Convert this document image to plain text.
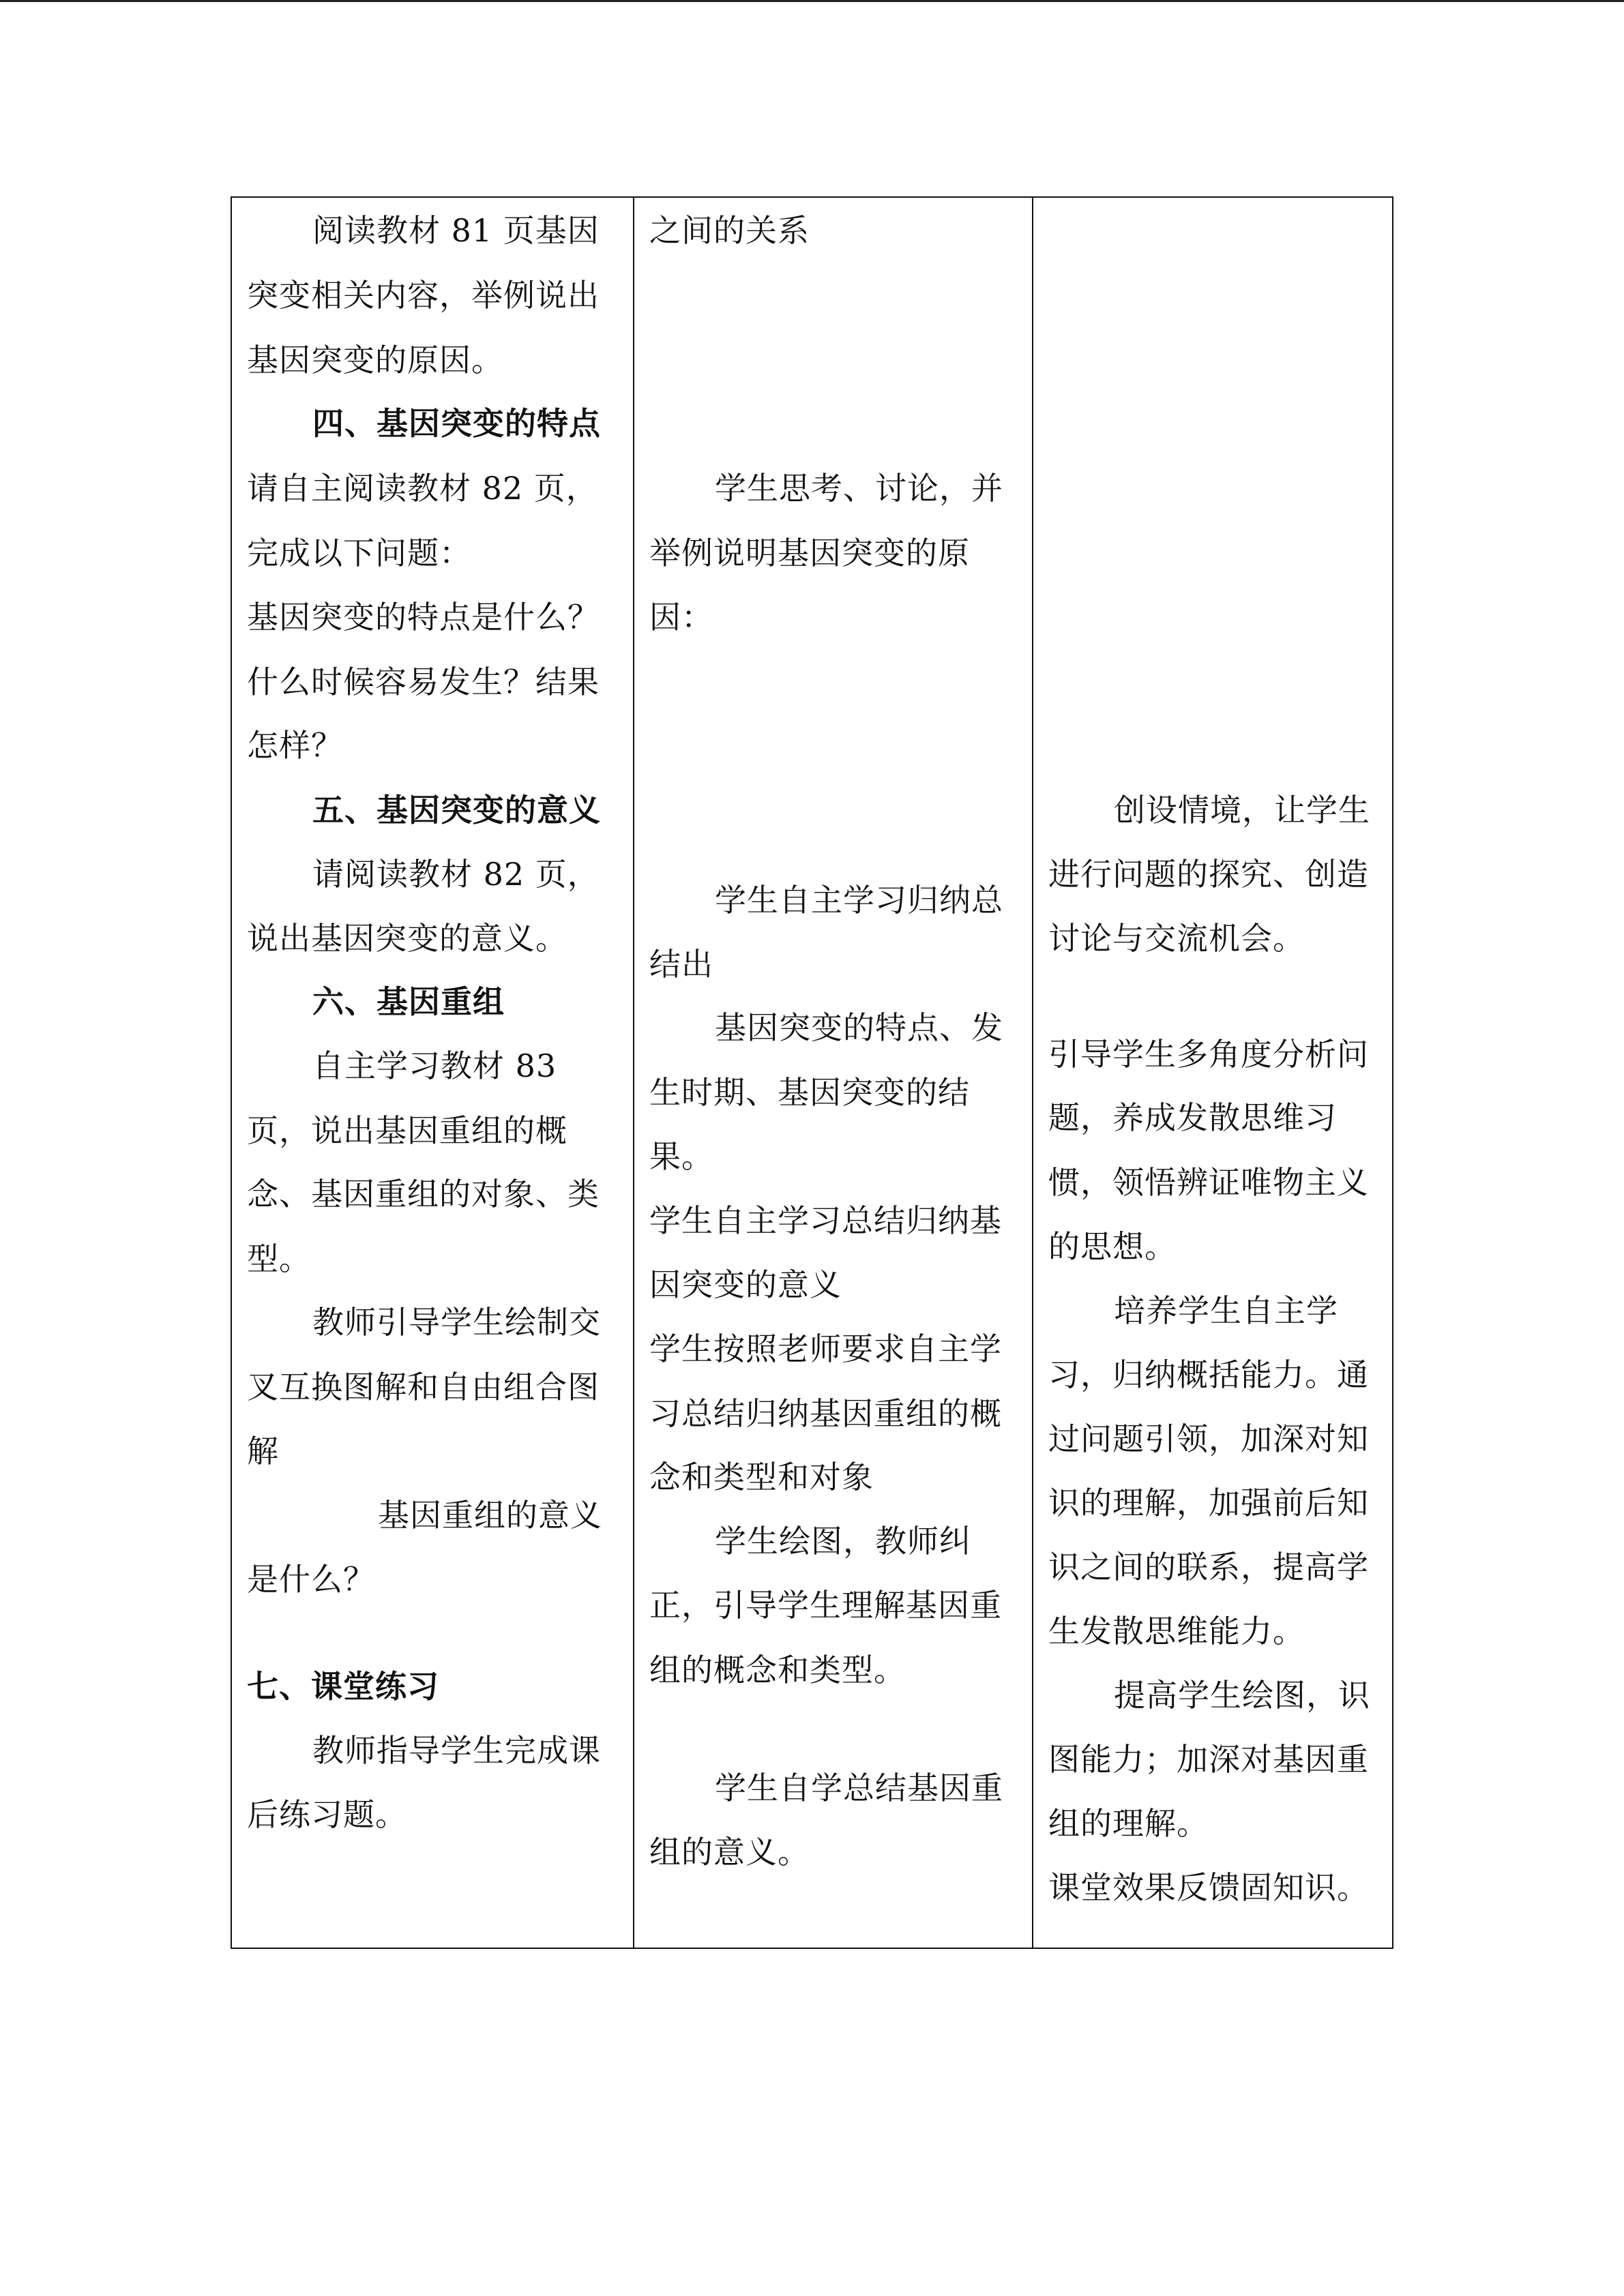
阅读教材 81 页基因
突变相关内容，举例说出
基因突变的原因。
四、基因突变的特点
请自主阅读教材 82 页，
完成以下问题：
基因突变的特点是什么？
什么时候容易发生？结果
怎样？
五、基因突变的意义
请阅读教材 82 页，
说出基因突变的意义。
六、基因重组
自主学习教材 83
页，说出基因重组的概
念、基因重组的对象、类
型。
教师引导学生绘制交
叉互换图解和自由组合图
解
基因重组的意义
是什么？
七、课堂练习
教师指导学生完成课
后练习题。
之间的关系
学生思考、讨论，并
举例说明基因突变的原
因：
学生自主学习归纳总
结出
基因突变的特点、发
生时期、基因突变的结
果。
学生自主学习总结归纳基
因突变的意义
学生按照老师要求自主学
习总结归纳基因重组的概
念和类型和对象
学生绘图，教师纠
正，引导学生理解基因重
组的概念和类型。
学生自学总结基因重
组的意义。
创设情境，让学生
进行问题的探究、创造
讨论与交流机会。
引导学生多角度分析问
题，养成发散思维习
惯，领悟辨证唯物主义
的思想。
培养学生自主学
习，归纳概括能力。通
过问题引领，加深对知
识的理解，加强前后知
识之间的联系，提高学
生发散思维能力。
提高学生绘图，识
图能力；加深对基因重
组的理解。
课堂效果反馈固知识。
